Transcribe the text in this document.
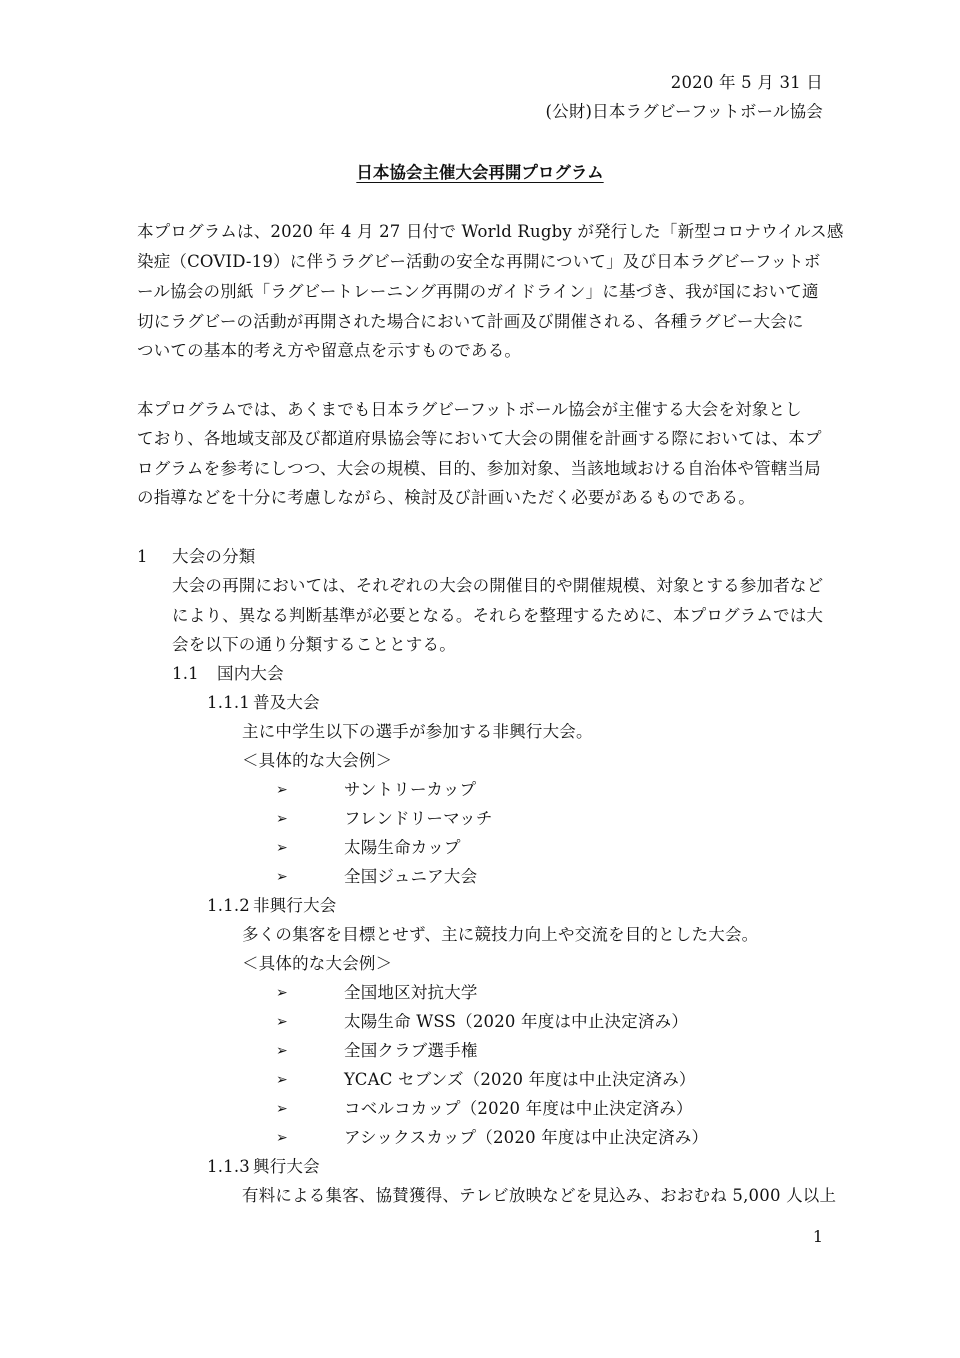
2020 年 5 月 31 日
(公財)日本ラグビーフットボール協会
日本協会主催大会再開プログラム
本プログラムは、2020 年 4 月 27 日付で World Rugby が発行した「新型コロナウイルス感
染症（COVID-19）に伴うラグビー活動の安全な再開について」及び日本ラグビーフットボ
ール協会の別紙「ラグビートレーニング再開のガイドライン」に基づき、我が国において適
切にラグビーの活動が再開された場合において計画及び開催される、各種ラグビー大会に
ついての基本的考え方や留意点を示すものである。
本プログラムでは、あくまでも日本ラグビーフットボール協会が主催する大会を対象とし
ており、各地域支部及び都道府県協会等において大会の開催を計画する際においては、本プ
ログラムを参考にしつつ、大会の規模、目的、参加対象、当該地域おける自治体や管轄当局
の指導などを十分に考慮しながら、検討及び計画いただく必要があるものである。
1 大会の分類
大会の再開においては、それぞれの大会の開催目的や開催規模、対象とする参加者など
により、異なる判断基準が必要となる。それらを整理するために、本プログラムでは大
会を以下の通り分類することとする。
1.1 国内大会
1.1.1 普及大会
主に中学生以下の選手が参加する非興行大会。
＜具体的な大会例＞
➢	サントリーカップ
➢	フレンドリーマッチ
➢	太陽生命カップ
➢	全国ジュニア大会
1.1.2 非興行大会
多くの集客を目標とせず、主に競技力向上や交流を目的とした大会。
＜具体的な大会例＞
➢	全国地区対抗大学
➢	太陽生命 WSS（2020 年度は中止決定済み）
➢	全国クラブ選手権
➢	YCAC セブンズ（2020 年度は中止決定済み）
➢	コベルコカップ（2020 年度は中止決定済み）
➢	アシックスカップ（2020 年度は中止決定済み）
1.1.3 興行大会
有料による集客、協賛獲得、テレビ放映などを見込み、おおむね 5,000 人以上
1
